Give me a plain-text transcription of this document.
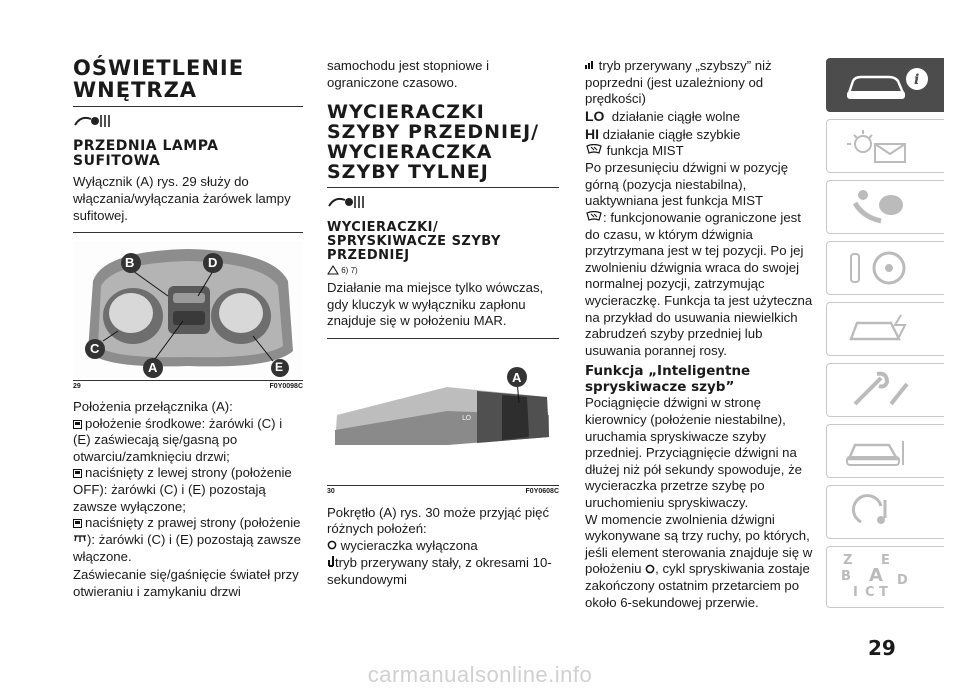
OŚWIETLENIE WNĘTRZA
PRZEDNIA LAMPA SUFITOWA

Wyłącznik (A) rys. 29 służy do włączania/wyłączania żarówek lampy sufitowej.

B	D
C
A	E
29	F0Y0098C

Położenia przełącznika (A):

położenie środkowe: żarówki (C) i (E) zaświecają się/gasną po otwarciu/zamknięciu drzwi;

naciśnięty z lewej strony (położenie OFF): żarówki (C) i (E) pozostają zawsze wyłączone;

naciśnięty z prawej strony (położenie
): żarówki (C) i (E) pozostają zawsze włączone.

Zaświecanie się/gaśnięcie świateł przy otwieraniu i zamykaniu drzwi

samochodu jest stopniowe i ograniczone czasowo.

WYCIERACZKI SZYBY PRZEDNIEJ/ WYCIERACZKA SZYBY TYLNEJ
WYCIERACZKI/ SPRYSKIWACZE SZYBY PRZEDNIEJ
6) 7)

Działanie ma miejsce tylko wówczas, gdy kluczyk w wyłączniku zapłonu znajduje się w położeniu MAR.

LO
A
30	F0Y0608C

Pokrętło (A) rys. 30 może przyjąć pięć różnych położeń:

wycieraczka wyłączona

tryb przerywany stały, z okresami 10-sekundowymi

tryb przerywany „szybszy” niż poprzedni (jest uzależniony od prędkości)

LO działanie ciągłe wolne

HI działanie ciągłe szybkie

funkcja MIST

Po przesunięciu dźwigni w pozycję górną (pozycja niestabilna), uaktywniana jest funkcja MIST
: funkcjonowanie ograniczone jest do czasu, w którym dźwignia przytrzymana jest w tej pozycji. Po jej zwolnieniu dźwignia wraca do swojej normalnej pozycji, zatrzymując wycieraczkę. Funkcja ta jest użyteczna na przykład do usuwania niewielkich zabrudzeń szyby przedniej lub usuwania porannej rosy.

Funkcja „Inteligentne spryskiwacze szyb”

Pociągnięcie dźwigni w stronę kierownicy (położenie niestabilne), uruchamia spryskiwacze szyby przedniej. Przyciągnięcie dźwigni na dłużej niż pół sekundy spowoduje, że wycieraczka przetrze szybę po uruchomieniu spryskiwaczy.

W momencie zwolnienia dźwigni wykonywane są trzy ruchy, po których, jeśli element sterowania znajduje się w położeniu , cykl spryskiwania zostaje zakończony ostatnim przetarciem po około 6-sekundowej przerwie.

i
Z E
B A D
I C T
29
carmanualsonline.info
